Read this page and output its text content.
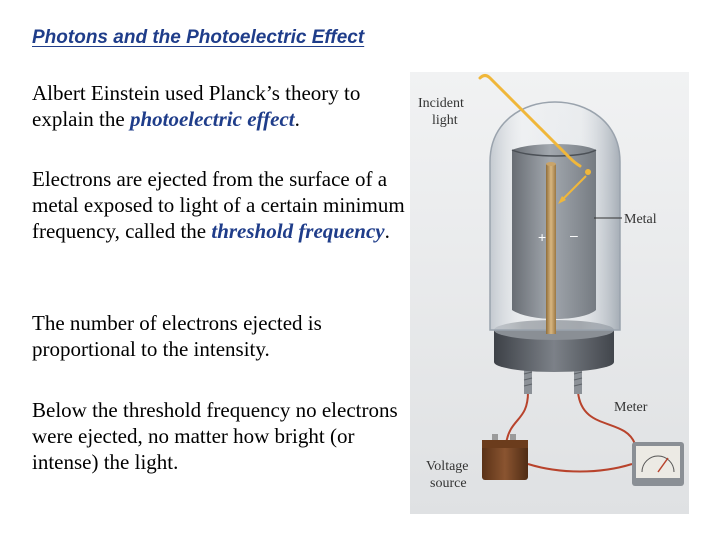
Photons and the Photoelectric Effect
Albert Einstein used Planck’s theory to explain the photoelectric effect.
Electrons are ejected from the surface of a metal exposed to light of a certain minimum frequency, called the threshold frequency.
The number of electrons ejected is proportional to the intensity.
Below the threshold frequency no electrons were ejected, no matter how bright (or intense) the light.
+ –
Metal
Incident
light
Meter
Voltage
source
